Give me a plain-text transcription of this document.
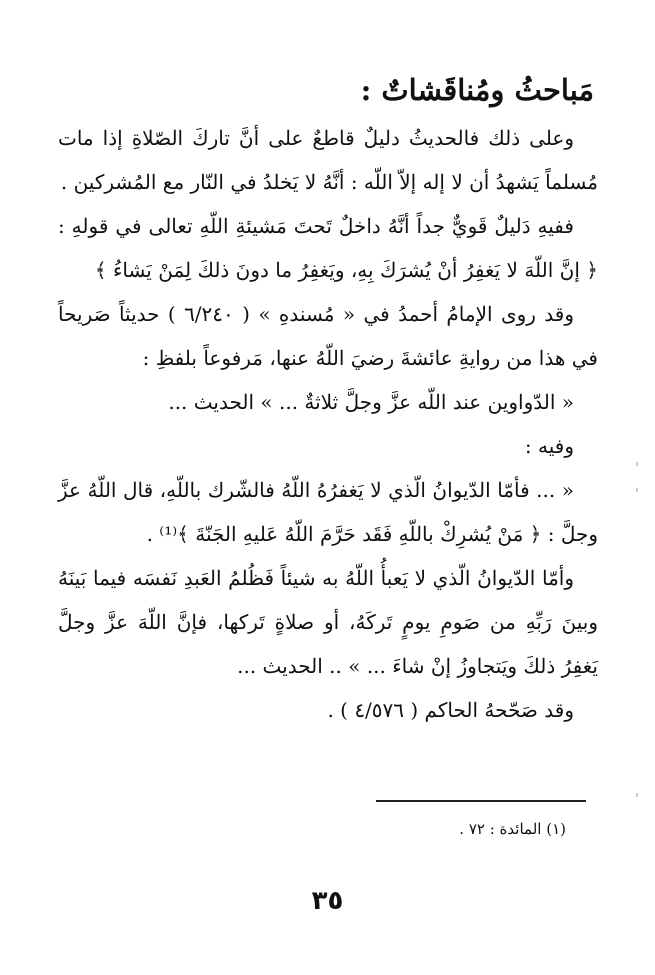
مَباحثُ ومُناقَشاتٌ :

وعلى ذلك فالحديثُ دليلٌ قاطعٌ على أنَّ تاركَ الصّلاةِ إذا مات مُسلماً يَشهدُ أن لا إله إلاّ اللّه : أنَّهُ لا يَخلدُ في النّار مع المُشركين .

ففيهِ دَليلٌ قَويٌّ جداً أنَّهُ داخلٌ تَحتَ مَشيئةِ اللّهِ تعالى في قولهِ : ﴿ إنَّ اللّهَ لا يَغفِرُ أنْ يُشرَكَ بِهِ، ويَغفِرُ ما دونَ ذلكَ لِمَنْ يَشاءُ ﴾

وقد روى الإمامُ أحمدُ في « مُسندهِ » ( ٦/٢٤٠ ) حديثاً صَريحاً في هذا من روايةِ عائشةَ رضيَ اللّهُ عنها، مَرفوعاً بلفظِ :

« الدّواوين عند اللّه عزَّ وجلَّ ثلاثةٌ ... » الحديث ...

وفيه :

« ... فأمّا الدّيوانُ الّذي لا يَغفرُهُ اللّهُ فالشّرك باللّهِ، قال اللّهُ عزَّ وجلَّ : ﴿ مَنْ يُشرِكْ باللّهِ فَقَد حَرَّمَ اللّهُ عَليهِ الجَنّةَ ﴾⁽¹⁾ .

وأمّا الدّيوانُ الّذي لا يَعبأُ اللّهُ به شيئاً فَظُلمُ العَبدِ نَفسَه فيما بَينَهُ وبينَ رَبِّهِ من صَومِ يومٍ تَركَهُ، أو صلاةٍ تَركها، فإنَّ اللّهَ عزَّ وجلَّ يَغفِرُ ذلكَ ويَتجاوزُ إنْ شاءَ ... » .. الحديث ...

وقد صَحّحهُ الحاكم ( ٤/٥٧٦ ) .

(١) المائدة : ٧٢ .
٣٥
